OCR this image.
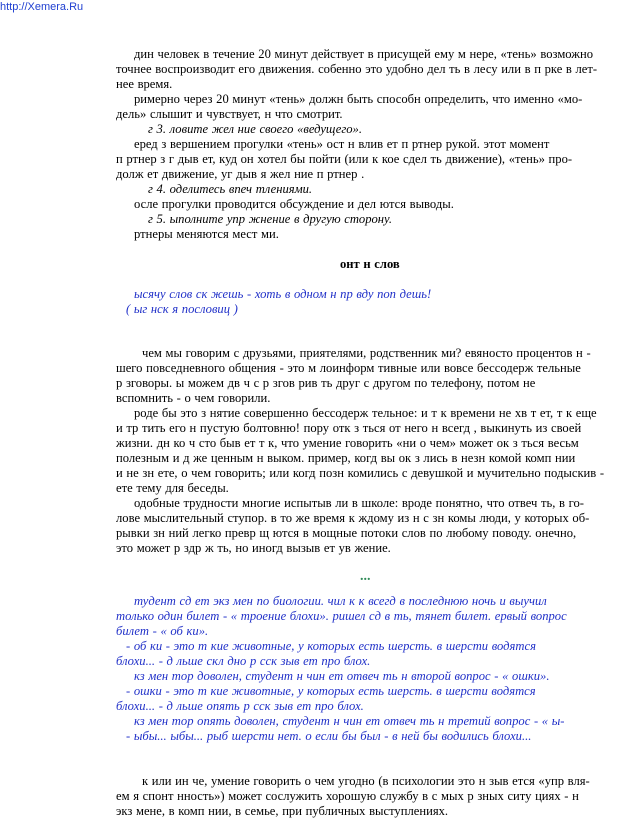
http://Xemera.Ru
дин человек в течение 20 минут действует в присущей ему м нере, «тень» возможно
точнее воспроизводит его движения. собенно это удобно дел ть в лесу или в п рке в лет-
нее время.
римерно через 20 минут «тень» должн быть способн определить, что именно «мо-
дель» слышит и чувствует, н что смотрит.
г 3. ловите жел ние своего «ведущего».
еред з вершением прогулки «тень» ост н влив ет п ртнер рукой. этот момент
п ртнер з г дыв ет, куд он хотел бы пойти (или к кое сдел ть движение), «тень» про-
долж ет движение, уг дыв я жел ние п ртнер .
г 4. оделитесь впеч тлениями.
осле прогулки проводится обсуждение и дел ются выводы.
г 5. ыполните упр жнение в другую сторону.
ртнеры меняются мест ми.
онт н слов
ысячу слов ск жешь - хоть в одном н пр вду поп дешь!
( ыг нск я пословиц )
чем мы говорим с друзьями, приятелями, родственник ми? евяносто процентов н -
шего повседневного общения - это м лоинформ тивные или вовсе бессодерж тельные
р зговоры. ы можем дв ч с р згов рив ть друг с другом по телефону, потом не
вспомнить - о чем говорили.
роде бы это з нятие совершенно бессодерж тельное: и т к времени не хв т ет, т к еще
и тр тить его н пустую болтовню! пору отк з ться от него н всегд , выкинуть из своей
жизни. дн ко ч сто быв ет т к, что умение говорить «ни о чем» может ок з ться весьм
полезным и д же ценным н выком. пример, когд вы ок з лись в незн комой комп нии
и не зн ете, о чем говорить; или когд позн комились с девушкой и мучительно подыскив -
ете тему для беседы.
одобные трудности многие испытыв ли в школе: вроде понятно, что отвеч ть, в го-
лове мыслительный ступор. в то же время к ждому из н с зн комы люди, у которых об-
рывки зн ний легко превр щ ются в мощные потоки слов по любому поводу. онечно,
это может р здр ж ть, но иногд вызыв ет ув жение.
...
тудент сд ет экз мен по биологии. чил к к всегд в последнюю ночь и выучил
только один билет - « троение блохи». ришел сд в ть, тянет билет. ервый вопрос
билет - « об ки».
- об ки - это т кие животные, у которых есть шерсть. в шерсти водятся
блохи... - д льше скл дно р сск зыв ет про блох.
кз мен тор доволен, студент н чин ет отвеч ть н второй вопрос - « ошки».
- ошки - это т кие животные, у которых есть шерсть. в шерсти водятся
блохи... - д льше опять р сск зыв ет про блох.
кз мен тор опять доволен, студент н чин ет отвеч ть н третий вопрос - « ы-
- ыбы... ыбы... рыб шерсти нет. о если бы был - в ней бы водились блохи...
к или ин че, умение говорить о чем угодно (в психологии это н зыв ется «упр вля-
ем я спонт нность») может сослужить хорошую службу в с мых р зных ситу циях - н
экз мене, в комп нии, в семье, при публичных выступлениях.
